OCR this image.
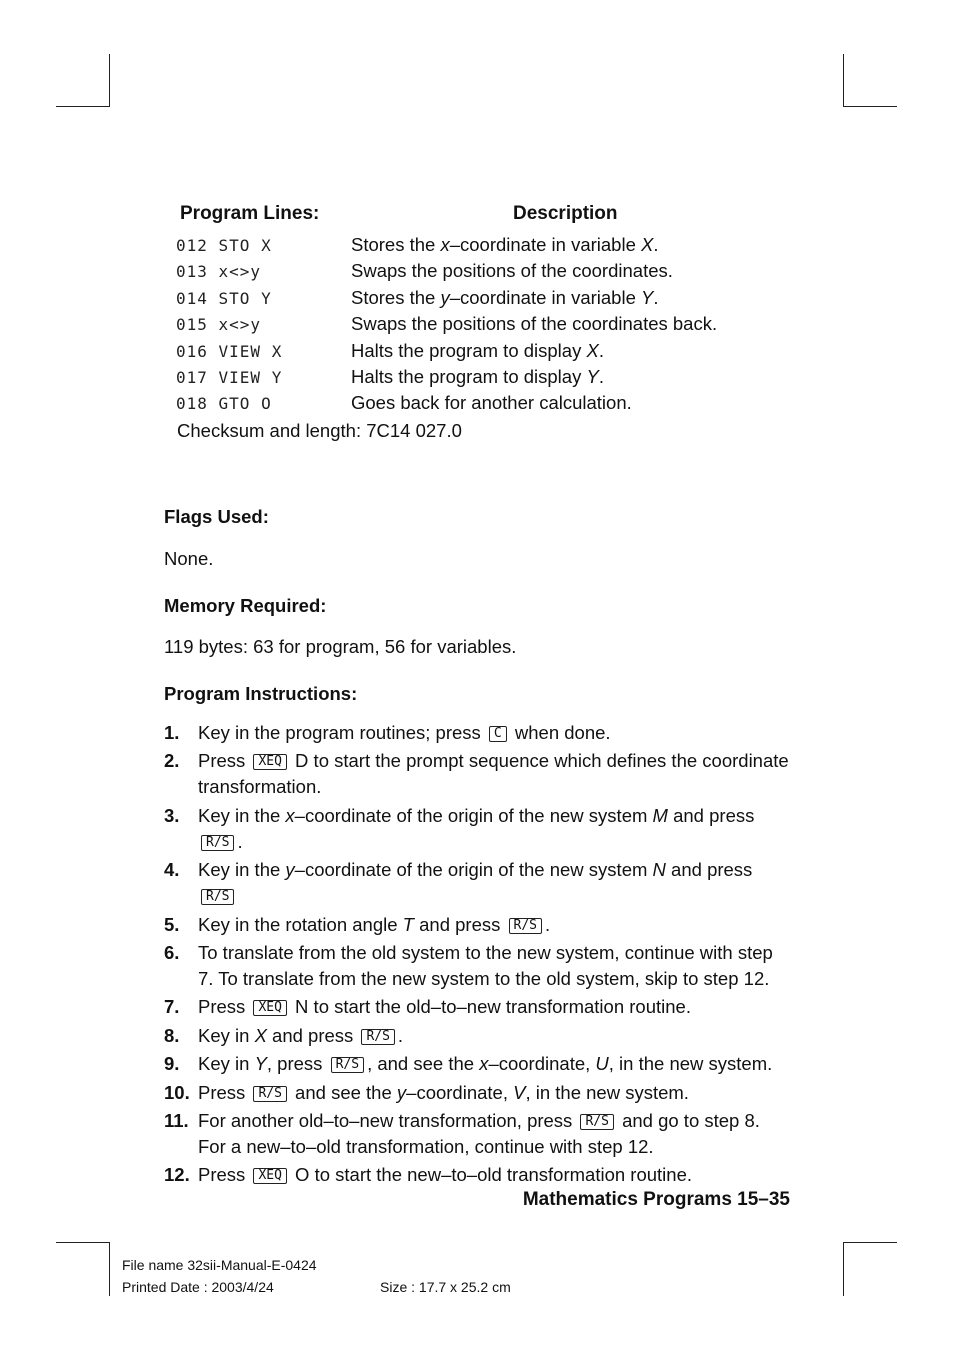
Program Lines:	Description
012 STO X	Stores the x–coordinate in variable X.
013 x<>y	Swaps the positions of the coordinates.
014 STO Y	Stores the y–coordinate in variable Y.
015 x<>y	Swaps the positions of the coordinates back.
016 VIEW X	Halts the program to display X.
017 VIEW Y	Halts the program to display Y.
018 GTO O	Goes back for another calculation.
Checksum and length: 7C14 027.0
Flags Used:
None.
Memory Required:
119 bytes: 63 for program, 56 for variables.
Program Instructions:
1. Key in the program routines; press C when done.
2. Press XEQ D to start the prompt sequence which defines the coordinate transformation.
3. Key in the x–coordinate of the origin of the new system M and press R/S .
4. Key in the y–coordinate of the origin of the new system N and press R/S
5. Key in the rotation angle T and press R/S .
6. To translate from the old system to the new system, continue with step 7. To translate from the new system to the old system, skip to step 12.
7. Press XEQ N to start the old–to–new transformation routine.
8. Key in X and press R/S .
9. Key in Y, press R/S , and see the x–coordinate, U, in the new system.
10. Press R/S and see the y–coordinate, V, in the new system.
11. For another old–to–new transformation, press R/S and go to step 8. For a new–to–old transformation, continue with step 12.
12. Press XEQ O to start the new–to–old transformation routine.
Mathematics Programs 15–35
File name 32sii-Manual-E-0424
Printed Date : 2003/4/24	Size : 17.7 x 25.2 cm
